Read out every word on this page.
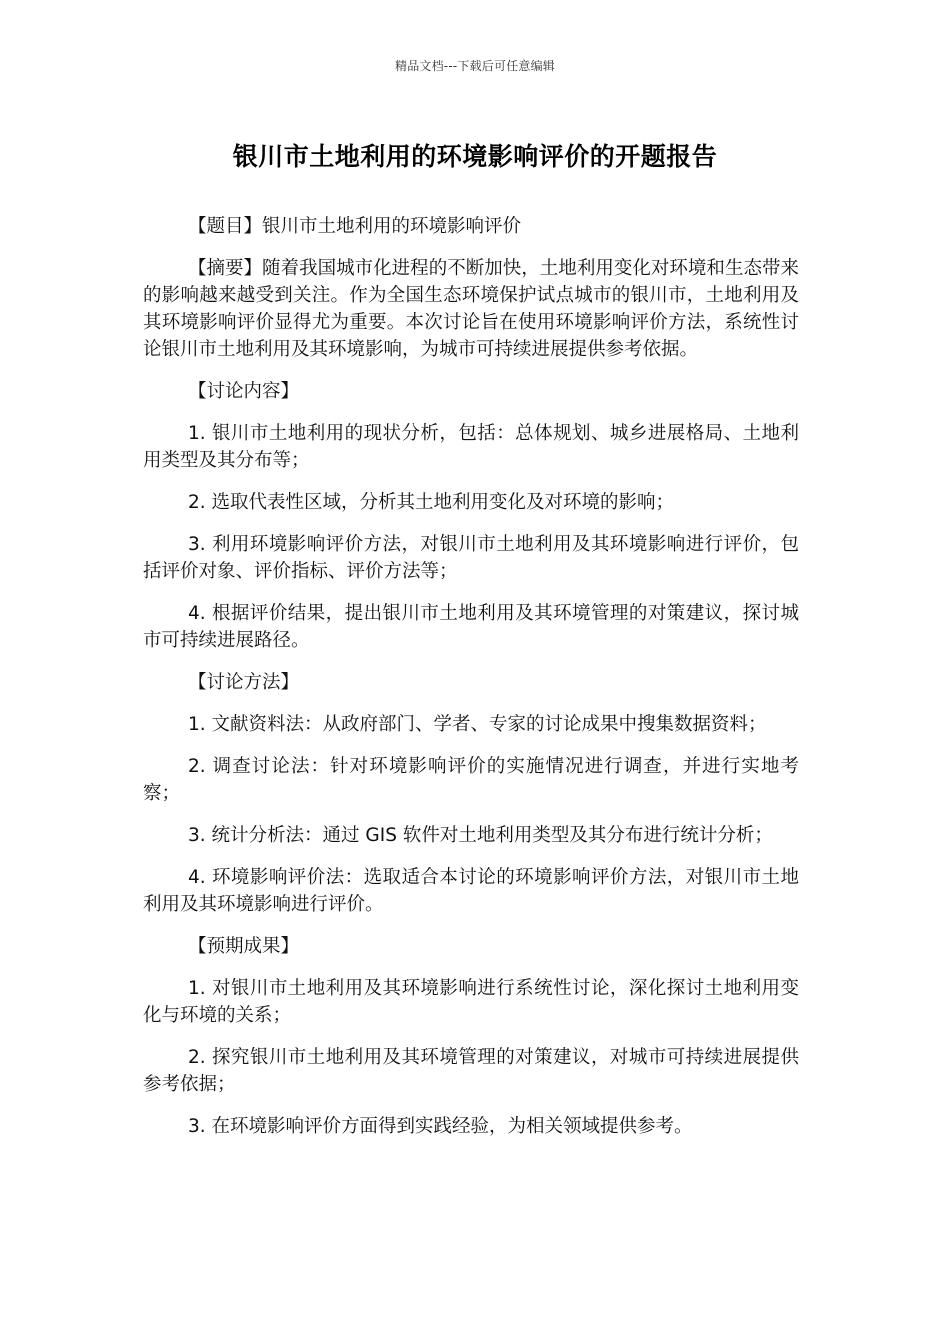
精品文档---下载后可任意编辑
银川市土地利用的环境影响评价的开题报告

【题目】银川市土地利用的环境影响评价

【摘要】随着我国城市化进程的不断加快，土地利用变化对环境和生态带来的影响越来越受到关注。作为全国生态环境保护试点城市的银川市，土地利用及其环境影响评价显得尤为重要。本次讨论旨在使用环境影响评价方法，系统性讨论银川市土地利用及其环境影响，为城市可持续进展提供参考依据。

【讨论内容】

1. 银川市土地利用的现状分析，包括：总体规划、城乡进展格局、土地利用类型及其分布等；

2. 选取代表性区域，分析其土地利用变化及对环境的影响；

3. 利用环境影响评价方法，对银川市土地利用及其环境影响进行评价，包括评价对象、评价指标、评价方法等；

4. 根据评价结果，提出银川市土地利用及其环境管理的对策建议，探讨城市可持续进展路径。

【讨论方法】

1. 文献资料法：从政府部门、学者、专家的讨论成果中搜集数据资料；

2. 调查讨论法：针对环境影响评价的实施情况进行调查，并进行实地考察；

3. 统计分析法：通过 GIS 软件对土地利用类型及其分布进行统计分析；

4. 环境影响评价法：选取适合本讨论的环境影响评价方法，对银川市土地利用及其环境影响进行评价。

【预期成果】

1. 对银川市土地利用及其环境影响进行系统性讨论，深化探讨土地利用变化与环境的关系；

2. 探究银川市土地利用及其环境管理的对策建议，对城市可持续进展提供参考依据；

3. 在环境影响评价方面得到实践经验，为相关领域提供参考。
